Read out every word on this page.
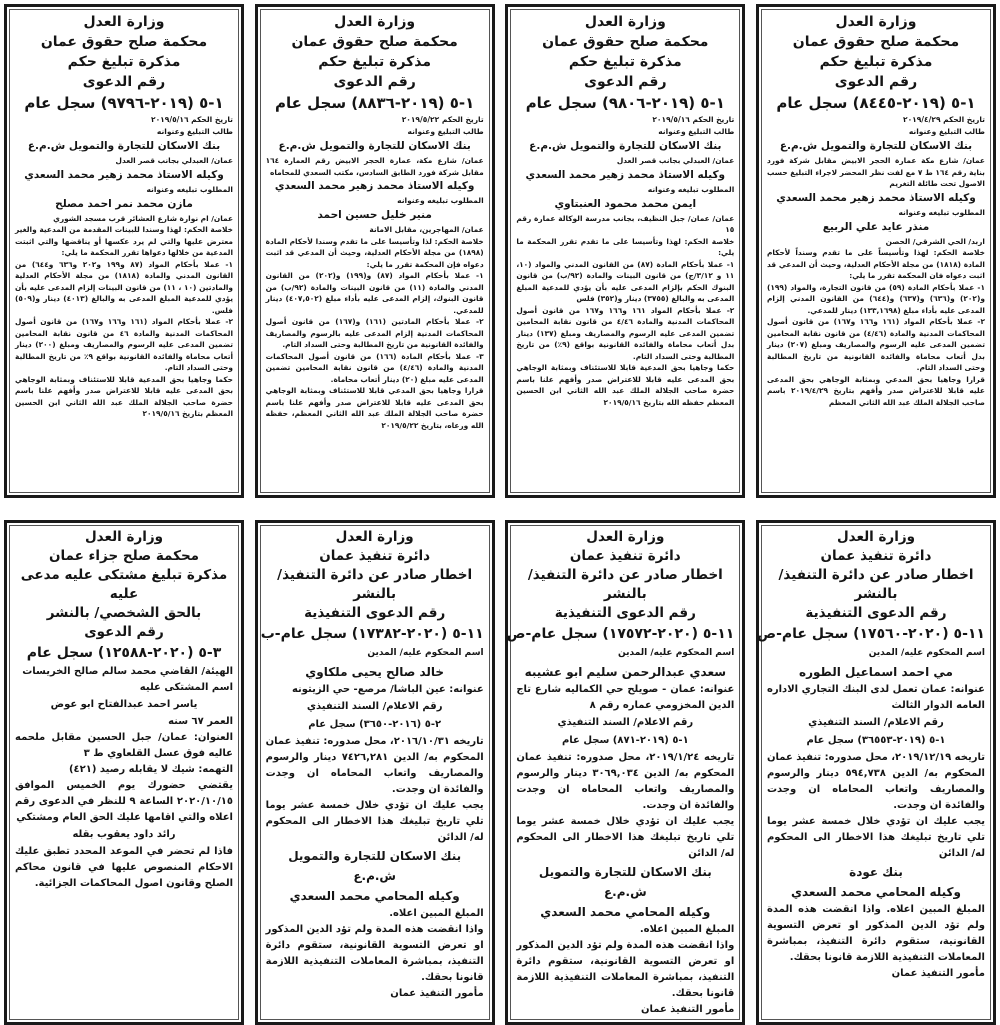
وزارة العدل
محكمة صلح حقوق عمان
مذكرة تبليغ حكم
رقم الدعوى
١-٥ (٢٠١٩-٨٤٤٥) سجل عام
تاريخ الحكم ٢٠١٩/٤/٢٩
طالب التبليغ وعنوانه
بنك الاسكان للتجارة والتمويل ش.م.ع
عمان/ شارع مكة عمارة الحجر الابيض مقابل شركة فورد بناية رقم ١٦٤ ط ٧ مع لفت نظر المحضر لاجراء التبليغ حسب الاصول تحت طائلة التغريم
وكيله الاستاذ محمد زهير محمد السعدي
المطلوب تبليغه وعنوانه
منذر عايد علي الربيع
اربد/ الحي الشرقي/ الحصن
خلاصة الحكم: لهذا وتأسيساً على ما تقدم وسنداً لأحكام المادة (١٨١٨) من مجلة الأحكام العدلية، وحيث أن المدعي قد اثبت دعواه فان المحكمة تقرر ما يلي:
١- عملا بأحكام المادة (٥٩) من قانون التجارة، والمواد (١٩٩) و(٢٠٢) و(٦٣٦) و(٦٣٧) و(٦٤٤) من القانون المدني إلزام المدعى عليه بأداء مبلغ (١٣٣,١٦٩٨) دينار للمدعي.
٢- عملا بأحكام المواد (١٦١ و١٦٦ و١٦٧) من قانون أصول المحاكمات المدنية والمادة (٤/٤٦) من قانون نقابة المحامين تضمين المدعى عليه الرسوم والمصاريف ومبلغ (٢٠٧) دينار بدل أتعاب محاماة والفائدة القانونية من تاريخ المطالبة وحتى السداد التام.
قرارا وجاهيا بحق المدعي وبمثابة الوجاهي بحق المدعى عليه قابلا للاعتراض صدر وأفهم بتاريخ ٢٠١٩/٤/٢٩ باسم صاحب الجلالة الملك عبد الله الثاني المعظم
وزارة العدل
محكمة صلح حقوق عمان
مذكرة تبليغ حكم
رقم الدعوى
١-٥ (٢٠١٩-٩٨٠٦) سجل عام
تاريخ الحكم ٢٠١٩/٥/١٦
طالب التبليغ وعنوانه
بنك الاسكان للتجارة والتمويل ش.م.ع
عمان/ العبدلي بجانب قصر العدل
وكيله الاستاذ محمد زهير محمد السعدي
المطلوب تبليغه وعنوانه
ايمن محمد محمود العنبتاوي
عمان/ عمان/ جبل النظيف، بجانب مدرسة الوكالة عمارة رقم ١٥
خلاصة الحكم: لهذا وتأسيسا على ما تقدم تقرر المحكمة ما يلي:
١- عملا بأحكام المادة (٨٧) من القانون المدني والمواد (١٠، ١١ و ٣/١٢/ج) من قانون البينات والمادة (٩٢/ب) من قانون البنوك الحكم بإلزام المدعى عليه بأن يؤدي للمدعية المبلغ المدعى به والبالغ (٣٧٥٥) دينار و(٣٥٢) فلس
٢- عملا بأحكام المواد ١٦١ و١٦٦ و١٦٧ من قانون أصول المحاكمات المدنية والمادة ٤/٤٦ من قانون نقابة المحامين تضمين المدعى عليه الرسوم والمصاريف ومبلغ (١٣٧) دينار بدل أتعاب محاماة والفائدة القانونية بواقع (٩٪) من تاريخ المطالبة وحتى السداد التام.
حكما وجاهيا بحق المدعية قابلا للاستئناف وبمثابة الوجاهي بحق المدعى عليه قابلا للاعتراض صدر وأفهم علنا باسم حضرة صاحب الجلالة الملك عبد الله الثاني ابن الحسين المعظم حفظه الله بتاريخ ٢٠١٩/٥/١٦
وزارة العدل
محكمة صلح حقوق عمان
مذكرة تبليغ حكم
رقم الدعوى
١-٥ (٢٠١٩-٨٨٣٦) سجل عام
تاريخ الحكم ٢٠١٩/٥/٢٢
طالب التبليغ وعنوانه
بنك الاسكان للتجارة والتمويل ش.م.ع
عمان/ شارع مكة، عمارة الحجر الابيض رقم العمارة ١٦٤ مقابل شركة فورد الطابق السادس، مكتب السعدي للمحاماه
وكيله الاستاذ محمد زهير محمد السعدي
المطلوب تبليغه وعنوانه
منير خليل حسين احمد
عمان/ المهاجرين، مقابل الامانة
خلاصة الحكم: لذا وتأسيسا على ما تقدم وسندا لأحكام المادة (١٨٩٨) من مجلة الأحكام العدلية، وحيث أن المدعي قد اثبت دعواه فإن المحكمة تقرر ما يلي:
١- عملا بأحكام المواد (٨٧) و(١٩٩) و(٢٠٢) من القانون المدني والمادة (١١) من قانون البينات والمادة (٩٢/ب) من قانون البنوك، إلزام المدعى عليه بأداء مبلغ (٤٠٧,٥٠٢) دينار للمدعي.
٢- عملا بأحكام المادتين (١٦١) و(١٦٧) من قانون أصول المحاكمات المدنية إلزام المدعى عليه بالرسوم والمصاريف والفائدة القانونية من تاريخ المطالبة وحتى السداد التام.
٣- عملا بأحكام المادة (١٦٦) من قانون أصول المحاكمات المدنية والمادة (٤/٤٦) من قانون نقابة المحامين تضمين المدعى عليه مبلغ (٢٠) دينار أتعاب محاماة.
قرارا وجاهيا بحق المدعي قابلا للاستئناف وبمثابة الوجاهي بحق المدعى عليه قابلا للاعتراض صدر وأفهم علنا باسم حضرة صاحب الجلالة الملك عبد الله الثاني المعظم، حفظه الله ورعاه، بتاريخ ٢٠١٩/٥/٢٢
وزارة العدل
محكمة صلح حقوق عمان
مذكرة تبليغ حكم
رقم الدعوى
١-٥ (٢٠١٩-٩٧٩٦) سجل عام
تاريخ الحكم ٢٠١٩/٥/١٦
طالب التبليغ وعنوانه
بنك الاسكان للتجارة والتمويل ش.م.ع
عمان/ العبدلي بجانب قصر العدل
وكيله الاستاذ محمد زهير محمد السعدي
المطلوب تبليغه وعنوانه
مازن محمد نمر احمد مصلح
عمان/ ام نوارة شارع العشائر قرب مسجد الشوري
خلاصة الحكم: لهذا وسندا للبينات المقدمة من المدعية والغير معترض عليها والتي لم يرد عكسها أو يناقضها والتي اثبتت المدعية من خلالها دعواها تقرر المحكمة ما يلي:
١- عملا بأحكام المواد (٨٧ و١٩٩ و٢٠٢ و٦٣٦ و٦٤٤) من القانون المدني والمادة (١٨١٨) من مجلة الأحكام العدلية والمادتين (١٠ ، ١١) من قانون البينات إلزام المدعى عليه بأن يؤدي للمدعية المبلغ المدعى به والبالغ (٤٠١٣) دينار و(٥٠٩) فلس.
٢- عملا بأحكام المواد (١٦١ و١٦٦ و١٦٧) من قانون أصول المحاكمات المدنية والمادة ٤٦ من قانون نقابة المحامين تضمين المدعى عليه الرسوم والمصاريف ومبلغ (٢٠٠) دينار أتعاب محاماة والفائدة القانونية بواقع ٩٪ من تاريخ المطالبة وحتى السداد التام.
حكما وجاهيا بحق المدعية قابلا للاستئناف وبمثابة الوجاهي بحق المدعى عليه قابلا للاعتراض صدر وأفهم علنا باسم حضرة صاحب الجلالة الملك عبد الله الثاني ابن الحسين المعظم بتاريخ ٢٠١٩/٥/١٦
وزارة العدل
دائرة تنفيذ عمان
اخطار صادر عن دائرة التنفيذ/بالنشر
رقم الدعوى التنفيذية
١١-٥ (٢٠٢٠-١٧٥٦٠) سجل عام-ص
اسم المحكوم عليه/ المدين
مي احمد اسماعيل الطوره
عنوانه: عمان تعمل لدى البنك التجاري الاداره العامه الدوار الثالث
رقم الاعلام/ السند التنفيذي
١-٥ (٢٠١٩-٣٦٥٥٣) سجل عام
تاريخه ٢٠١٩/١٢/١٩، محل صدوره: تنفيذ عمان المحكوم به/ الدين ٥٩٤,٧٣٨ دينار والرسوم والمصاريف واتعاب المحاماه ان وجدت والفائدة ان وجدت.
يجب عليك ان تؤدي خلال خمسة عشر يوما تلي تاريخ تبليغك هذا الاخطار الى المحكوم له/ الدائن
بنك عودة
وكيله المحامي محمد السعدي
المبلغ المبين اعلاه. واذا انقضت هذه المدة ولم تؤد الدين المذكور او تعرض التسوية القانونية، ستقوم دائرة التنفيذ، بمباشرة المعاملات التنفيذية اللازمة قانونا بحقك.
مأمور التنفيذ عمان
وزارة العدل
دائرة تنفيذ عمان
اخطار صادر عن دائرة التنفيذ/بالنشر
رقم الدعوى التنفيذية
١١-٥ (٢٠٢٠-١٧٥٧٢) سجل عام-ص
اسم المحكوم عليه/ المدين
سعدي عبدالرحمن سليم ابو عشيبه
عنوانه: عمان - صويلح حي الكماليه شارع تاج الدين المخزومي عماره رقم ٨
رقم الاعلام/ السند التنفيذي
١-٥ (٢٠١٩-٨٧١) سجل عام
تاريخه ٢٠١٩/١/٢٤، محل صدوره: تنفيذ عمان المحكوم به/ الدين ٣٠٦٩,٠٣٤ دينار والرسوم والمصاريف واتعاب المحاماه ان وجدت والفائدة ان وجدت.
يجب عليك ان تؤدي خلال خمسة عشر يوما تلي تاريخ تبليغك هذا الاخطار الى المحكوم له/ الدائن
بنك الاسكان للتجارة والتمويل ش.م.ع
وكيله المحامي محمد السعدي
المبلغ المبين اعلاه.
واذا انقضت هذه المدة ولم تؤد الدين المذكور او تعرض التسوية القانونية، ستقوم دائرة التنفيذ، بمباشرة المعاملات التنفيذية اللازمة قانونا بحقك.
مأمور التنفيذ عمان
وزارة العدل
دائرة تنفيذ عمان
اخطار صادر عن دائرة التنفيذ/بالنشر
رقم الدعوى التنفيذية
١١-٥ (٢٠٢٠-١٧٣٨٢) سجل عام-ب
اسم المحكوم عليه/ المدين
خالد صالح يحيى ملكاوي
عنوانه: عين الباشا/ مرصع- حي الزيتونه
رقم الاعلام/ السند التنفيذي
٢-٥ (٢٠١٦-٣٦٥٠) سجل عام
تاريخه ٢٠١٦/١٠/٣١، محل صدوره: تنفيذ عمان المحكوم به/ الدين ٧٤٢٦,٢٨١ دينار والرسوم والمصاريف واتعاب المحاماه ان وجدت والفائدة ان وجدت.
يجب عليك ان تؤدي خلال خمسة عشر يوما تلي تاريخ تبليغك هذا الاخطار الى المحكوم له/ الدائن
بنك الاسكان للتجارة والتمويل ش.م.ع
وكيله المحامي محمد السعدي
المبلغ المبين اعلاه.
واذا انقضت هذه المدة ولم تؤد الدين المذكور او تعرض التسوية القانونية، ستقوم دائرة التنفيذ، بمباشرة المعاملات التنفيذية اللازمة قانونا بحقك.
مأمور التنفيذ عمان
وزارة العدل
محكمة صلح جزاء عمان
مذكرة تبليغ مشتكى عليه مدعى عليه
بالحق الشخصي/ بالنشر
رقم الدعوى
٣-٥ (٢٠٢٠-١٢٥٨٨) سجل عام
الهيئة/ القاضي محمد سالم صالح الخريسات
اسم المشتكى عليه
ياسر احمد عبدالفتاح ابو عوض
العمر ٦٧ سنه
العنوان: عمان/ جبل الحسين مقابل ملحمه عاليه فوق عسل القلعاوي ط ٣
التهمه: شيك لا يقابله رصيد (٤٢١)
يقتضي حضورك يوم الخميس الموافق ٢٠٢٠/١٠/١٥ الساعة ٩ للنظر في الدعوى رقم اعلاه والتي اقامها عليك الحق العام ومشتكي
رائد داود يعقوب بقله
فاذا لم تحضر في الموعد المحدد تطبق عليك الاحكام المنصوص عليها في قانون محاكم الصلح وقانون اصول المحاكمات الجزائية.
